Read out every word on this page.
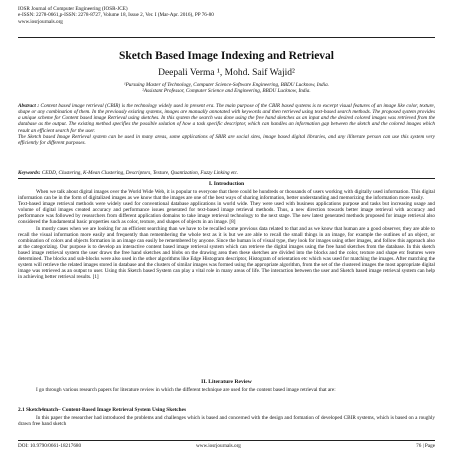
IOSR Journal of Computer Engineering (IOSR-JCE)
e-ISSN: 2278-0661,p-ISSN: 2278-8727, Volume 18, Issue 2, Ver. I (Mar-Apr. 2016), PP 76-80
www.iosrjournals.org
Sketch Based Image Indexing and Retrieval
Deepali Verma ¹, Mohd. Saif Wajid²
¹Pursuing Master of Technology, Computer Science-Software Engineering, BBDU Lucknow, India.
²Assistant Professor, Computer Science and Engineering, BBDU Lucknow, India.
Abstract : Content based image retrieval (CBIR) is the technology widely used in present era. The main purpose of the CBIR based systems is to excerpt visual features of an image like color, texture, shape or any combination of them. In the previously existing systems, images are manually annotated with keywords and then retrieved using text-based search methods. The proposed system provides a unique scheme for Content based image Retrieval using sketches. In this system the search was done using the free hand sketches as an input and the desired colored images was retrieved from the database as the output. The existing method specifies the possible solution of how a task specific descriptor, which can handles an information gap between the sketch and the colored images which result an efficient search for the user.
The Sketch based Image Retrieval system can be used in many areas, some applications of SBIR are social sites, image based digital libraries, and any illiterate person can use this system very efficiently for different purposes.
Keywords: CEDD, Clustering, K-Mean Clustering, Descriptors, Texture, Quantization, Fuzzy Linking etc.
I. Introduction

When we talk about digital images over the World Wide Web, it is popular to everyone that there could be hundreds or thousands of users working with digitally used information. This digital information can be in the form of digitalized images as we know that the images are one of the best ways of sharing information, better understanding and memorizing the information more easily.

Text-based image retrieval methods were widely used for conventional database applications in world wide. They were used with business applications purpose and tasks but increasing usage and volume of digital images created accuracy and performance issues generated for text-based image retrieval methods. Thus, a new direction towards better image retrieval with accuracy and performance was followed by researchers from different application domains to take image retrieval technology to the next stage. The new latest generated methods proposed for image retrieval also considered the fundamental basic properties such as color, texture, and shapes of objects in an image. [8]

In mostly cases when we are looking for an efficient searching than we have to be recalled some previous data related to that and as we know that human are a good observer, they are able to recall the visual information more easily and frequently than remembering the whole text as it is but we are able to recall the small things in an image, for example the outlines of an object, or combination of colors and objects formation in an image can easily be remembered by anyone. Since the human is of visual type, they look for images using other images, and follow this approach also at the categorizing. Our purpose is to develop an interactive content based image retrieval system which can retrieve the digital images using the free hand sketches from the database. In this sketch based image retrieval system the user draws the free hand sketches and blobs on the drawing area then these sketches are divided into the blocks and the color, texture and shape etc features were determined. The blocks and sub-blocks were also used in the other algorithms like Edge Histogram descriptor, Histogram of orientation etc which was used for matching the images. After matching the system will retrieve the related images stored in database and the clusters of similar images was formed using the appropriate algorithm, from the set of the clustered images the most appropriate digital image was retrieved as an output to user. Using this Sketch based System can play a vital role in many areas of life. The interaction between the user and Sketch based image retrieval system can help in achieving better retrieval results. [1]

II. Literature Review

I go through various research papers for literature review in which the different technique are used for the content based image retrieval that are:

2.1 Sketch4match– Content-Based Image Retrieval System Using Sketches

In this paper the researcher had introduced the problems and challenges which is based and concerned with the design and formation of developed CBIR systems, which is based on a roughly drawn free hand sketch

DOI: 10.9790/0661-18217680	www.iosrjournals.org	76 | Page
